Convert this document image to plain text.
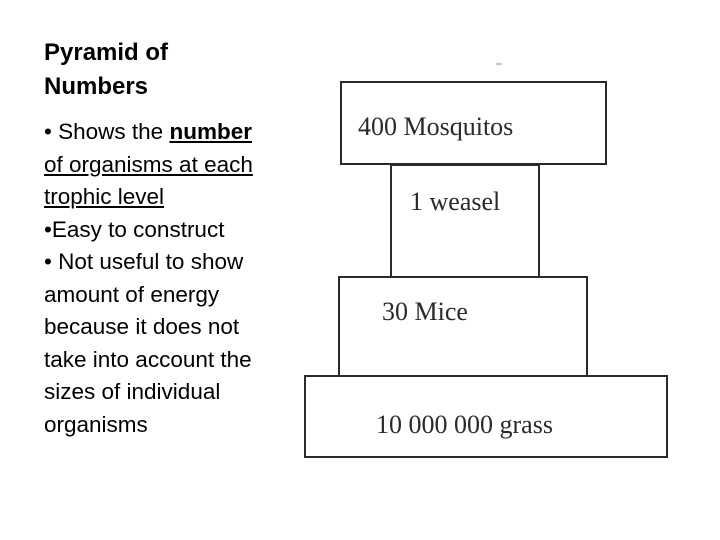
Pyramid of
Numbers
• Shows the number
of organisms at each
trophic level
•Easy to construct
• Not useful to show
amount of energy
because it does not
take into account the
sizes of individual
organisms
30 Mice
1 weasel
400 Mosquitos
10 000 000 grass
